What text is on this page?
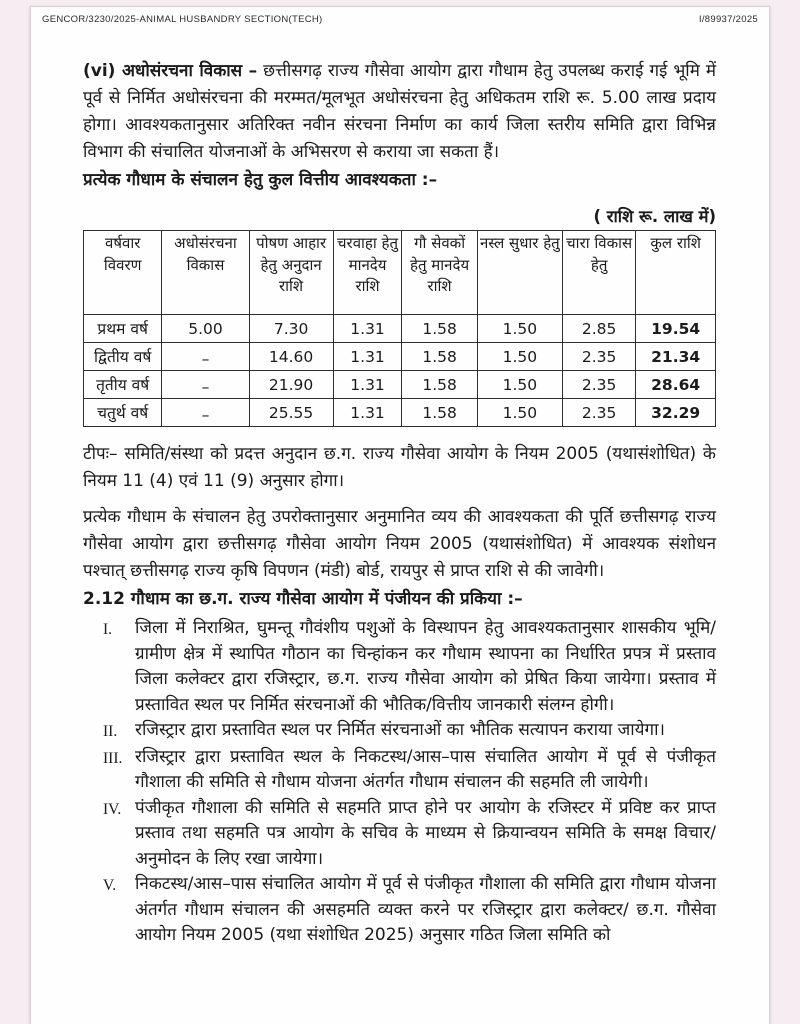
GENCOR/3230/2025-ANIMAL HUSBANDRY SECTION(TECH)	I/89937/2025

(vi) अधोसंरचना विकास – छत्तीसगढ़ राज्य गौसेवा आयोग द्वारा गौधाम हेतु उपलब्ध कराई गई भूमि में पूर्व से निर्मित अधोसंरचना की मरम्मत/मूलभूत अधोसंरचना हेतु अधिकतम राशि रू. 5.00 लाख प्रदाय होगा। आवश्यकतानुसार अतिरिक्त नवीन संरचना निर्माण का कार्य जिला स्तरीय समिति द्वारा विभिन्न विभाग की संचालित योजनाओं के अभिसरण से कराया जा सकता हैं।

प्रत्येक गौधाम के संचालन हेतु कुल वित्तीय आवश्यकता :–

( राशि रू. लाख में)
वर्षवार विवरण	अधोसंरचना विकास	पोषण आहार हेतु अनुदान राशि	चरवाहा हेतु मानदेय राशि	गौ सेवकों हेतु मानदेय राशि	नस्ल सुधार हेतु	चारा विकास हेतु	कुल राशि
प्रथम वर्ष	5.00	7.30	1.31	1.58	1.50	2.85	19.54
द्वितीय वर्ष	–	14.60	1.31	1.58	1.50	2.35	21.34
तृतीय वर्ष	–	21.90	1.31	1.58	1.50	2.35	28.64
चतुर्थ वर्ष	–	25.55	1.31	1.58	1.50	2.35	32.29

टीपः– समिति/संस्था को प्रदत्त अनुदान छ.ग. राज्य गौसेवा आयोग के नियम 2005 (यथासंशोधित) के नियम 11 (4) एवं 11 (9) अनुसार होगा।

प्रत्येक गौधाम के संचालन हेतु उपरोक्तानुसार अनुमानित व्यय की आवश्यकता की पूर्ति छत्तीसगढ़ राज्य गौसेवा आयोग द्वारा छत्तीसगढ़ गौसेवा आयोग नियम 2005 (यथासंशोधित) में आवश्यक संशोधन पश्चात् छत्तीसगढ़ राज्य कृषि विपणन (मंडी) बोर्ड, रायपुर से प्राप्त राशि से की जावेगी।

2.12 गौधाम का छ.ग. राज्य गौसेवा आयोग में पंजीयन की प्रकिया :–

I.	जिला में निराश्रित, घुमन्तू गौवंशीय पशुओं के विस्थापन हेतु आवश्यकतानुसार शासकीय भूमि/ग्रामीण क्षेत्र में स्थापित गौठान का चिन्हांकन कर गौधाम स्थापना का निर्धारित प्रपत्र में प्रस्ताव जिला कलेक्टर द्वारा रजिस्ट्रार, छ.ग. राज्य गौसेवा आयोग को प्रेषित किया जायेगा। प्रस्ताव में प्रस्तावित स्थल पर निर्मित संरचनाओं की भौतिक/वित्तीय जानकारी संलग्न होगी।
II.	रजिस्ट्रार द्वारा प्रस्तावित स्थल पर निर्मित संरचनाओं का भौतिक सत्यापन कराया जायेगा।
III. रजिस्ट्रार द्वारा प्रस्तावित स्थल के निकटस्थ/आस–पास संचालित आयोग में पूर्व से पंजीकृत गौशाला की समिति से गौधाम योजना अंतर्गत गौधाम संचालन की सहमति ली जायेगी।
IV. पंजीकृत गौशाला की समिति से सहमति प्राप्त होने पर आयोग के रजिस्टर में प्रविष्ट कर प्राप्त प्रस्ताव तथा सहमति पत्र आयोग के सचिव के माध्यम से क्रियान्वयन समिति के समक्ष विचार/अनुमोदन के लिए रखा जायेगा।
V.	निकटस्थ/आस–पास संचालित आयोग में पूर्व से पंजीकृत गौशाला की समिति द्वारा गौधाम योजना अंतर्गत गौधाम संचालन की असहमति व्यक्त करने पर रजिस्ट्रार द्वारा कलेक्टर/ छ.ग. गौसेवा आयोग नियम 2005 (यथा संशोधित 2025) अनुसार गठित जिला समिति को
